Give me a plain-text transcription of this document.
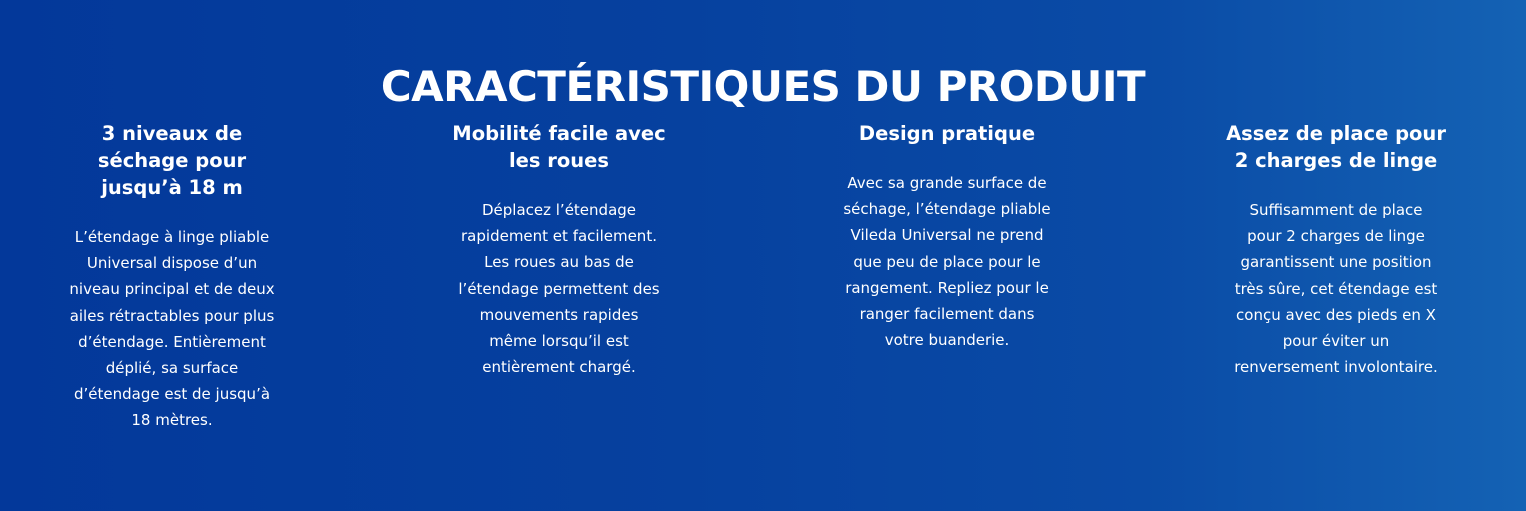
CARACTÉRISTIQUES DU PRODUIT
3 niveaux de
séchage pour
jusqu’à 18 m

L’étendage à linge pliable
Universal dispose d’un
niveau principal et de deux
ailes rétractables pour plus
d’étendage. Entièrement
déplié, sa surface
d’étendage est de jusqu’à
18 mètres.

Mobilité facile avec
les roues

Déplacez l’étendage
rapidement et facilement.
Les roues au bas de
l’étendage permettent des
mouvements rapides
même lorsqu’il est
entièrement chargé.

Design pratique

Avec sa grande surface de
séchage, l’étendage pliable
Vileda Universal ne prend
que peu de place pour le
rangement. Repliez pour le
ranger facilement dans
votre buanderie.

Assez de place pour
2 charges de linge

Suffisamment de place
pour 2 charges de linge
garantissent une position
très sûre, cet étendage est
conçu avec des pieds en X
pour éviter un
renversement involontaire.
